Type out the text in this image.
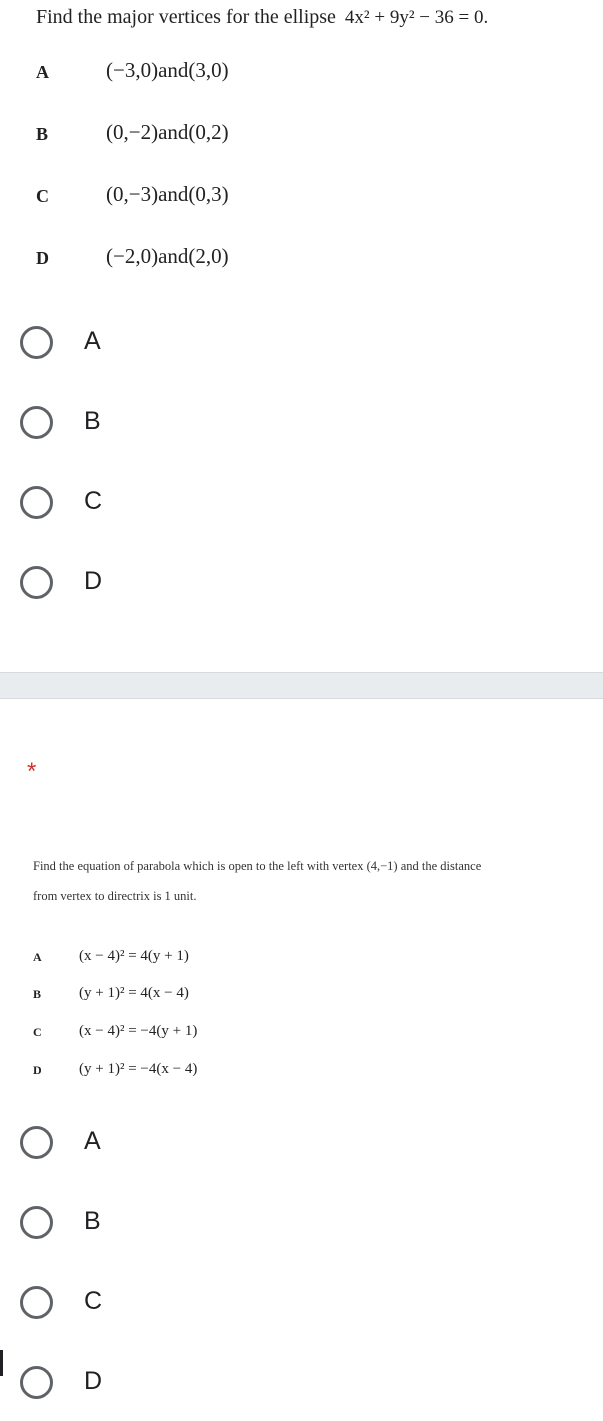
Find the major vertices for the ellipse 4x² + 9y² − 36 = 0.
A	(−3,0)and(3,0)
B	(0,−2)and(0,2)
C	(0,−3)and(0,3)
D	(−2,0)and(2,0)
A
B
C
D
*
Find the equation of parabola which is open to the left with vertex (4,−1) and the distance
from vertex to directrix is 1 unit.
A (x − 4)² = 4(y + 1)
B	(y + 1)² = 4(x − 4)
C (x − 4)² = −4(y + 1)
D (y + 1)² = −4(x − 4)
A
B
C
D
